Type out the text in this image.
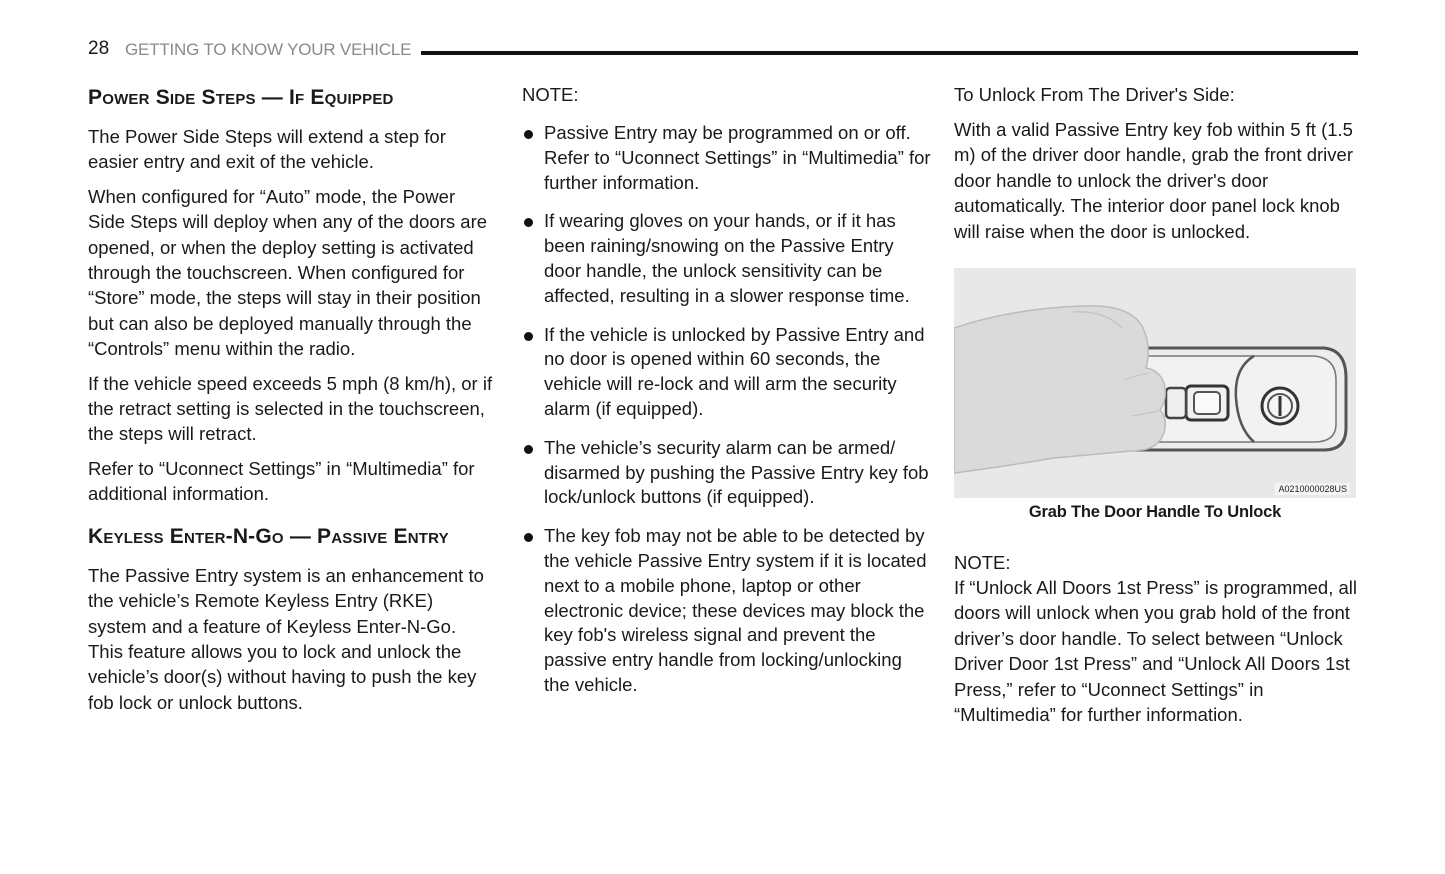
28 GETTING TO KNOW YOUR VEHICLE
Power Side Steps — If Equipped

The Power Side Steps will extend a step for easier entry and exit of the vehicle.

When configured for “Auto” mode, the Power Side Steps will deploy when any of the doors are opened, or when the deploy setting is activated through the touchscreen. When configured for “Store” mode, the steps will stay in their position but can also be deployed manually through the “Controls” menu within the radio.

If the vehicle speed exceeds 5 mph (8 km/h), or if the retract setting is selected in the touchscreen, the steps will retract.

Refer to “Uconnect Settings” in “Multimedia” for additional information.

Keyless Enter-N-Go — Passive Entry

The Passive Entry system is an enhancement to the vehicle’s Remote Keyless Entry (RKE) system and a feature of Keyless Enter-N-Go. This feature allows you to lock and unlock the vehicle’s door(s) without having to push the key fob lock or unlock buttons.

NOTE:

Passive Entry may be programmed on or off. Refer to “Uconnect Settings” in “Multimedia” for further information.
If wearing gloves on your hands, or if it has been raining/snowing on the Passive Entry door handle, the unlock sensitivity can be affected, resulting in a slower response time.
If the vehicle is unlocked by Passive Entry and no door is opened within 60 seconds, the vehicle will re-lock and will arm the security alarm (if equipped).
The vehicle’s security alarm can be armed/ disarmed by pushing the Passive Entry key fob lock/unlock buttons (if equipped).
The key fob may not be able to be detected by the vehicle Passive Entry system if it is located next to a mobile phone, laptop or other electronic device; these devices may block the key fob's wireless signal and prevent the passive entry handle from locking/unlocking the vehicle.

To Unlock From The Driver's Side:

With a valid Passive Entry key fob within 5 ft (1.5 m) of the driver door handle, grab the front driver door handle to unlock the driver's door automatically. The interior door panel lock knob will raise when the door is unlocked.

A0210000028US
Grab The Door Handle To Unlock

NOTE:

If “Unlock All Doors 1st Press” is programmed, all doors will unlock when you grab hold of the front driver’s door handle. To select between “Unlock Driver Door 1st Press” and “Unlock All Doors 1st Press,” refer to “Uconnect Settings” in “Multimedia” for further information.
